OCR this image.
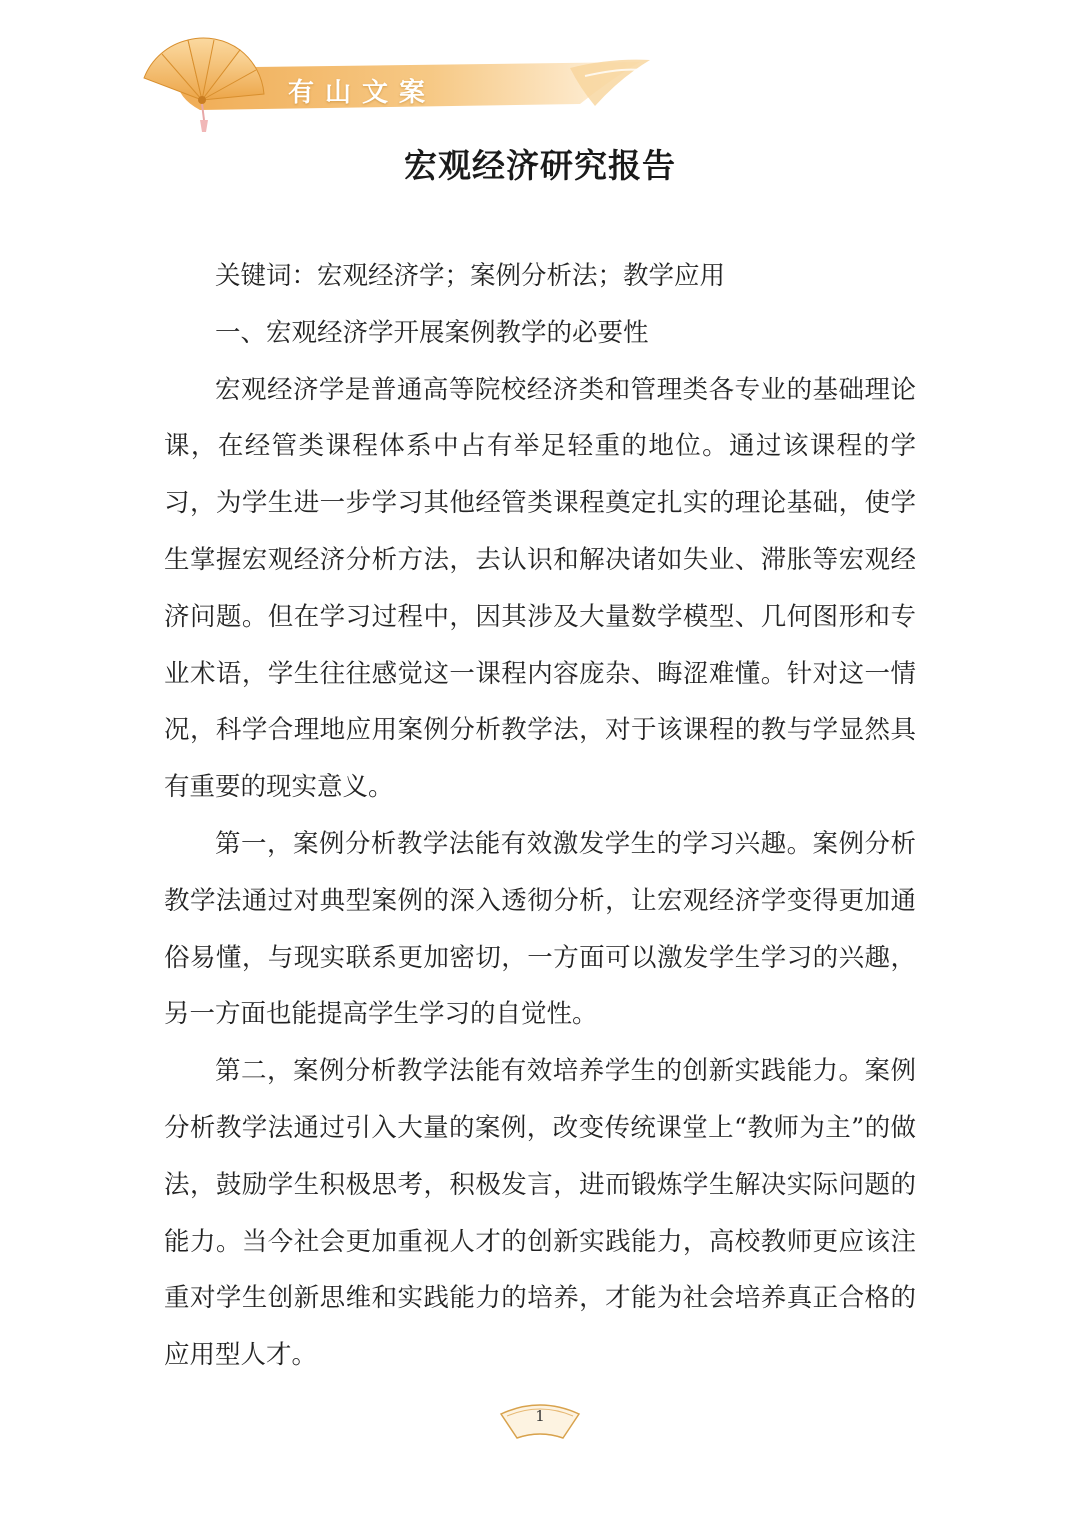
有山文案
宏观经济研究报告

关键词：宏观经济学；案例分析法；教学应用

一、宏观经济学开展案例教学的必要性

宏观经济学是普通高等院校经济类和管理类各专业的基础理论课，在经管类课程体系中占有举足轻重的地位。通过该课程的学习，为学生进一步学习其他经管类课程奠定扎实的理论基础，使学生掌握宏观经济分析方法，去认识和解决诸如失业、滞胀等宏观经济问题。但在学习过程中，因其涉及大量数学模型、几何图形和专业术语，学生往往感觉这一课程内容庞杂、晦涩难懂。针对这一情况，科学合理地应用案例分析教学法，对于该课程的教与学显然具有重要的现实意义。

第一，案例分析教学法能有效激发学生的学习兴趣。案例分析教学法通过对典型案例的深入透彻分析，让宏观经济学变得更加通俗易懂，与现实联系更加密切，一方面可以激发学生学习的兴趣，另一方面也能提高学生学习的自觉性。

第二，案例分析教学法能有效培养学生的创新实践能力。案例分析教学法通过引入大量的案例，改变传统课堂上“教师为主”的做法，鼓励学生积极思考，积极发言，进而锻炼学生解决实际问题的能力。当今社会更加重视人才的创新实践能力，高校教师更应该注重对学生创新思维和实践能力的培养，才能为社会培养真正合格的应用型人才。

1
